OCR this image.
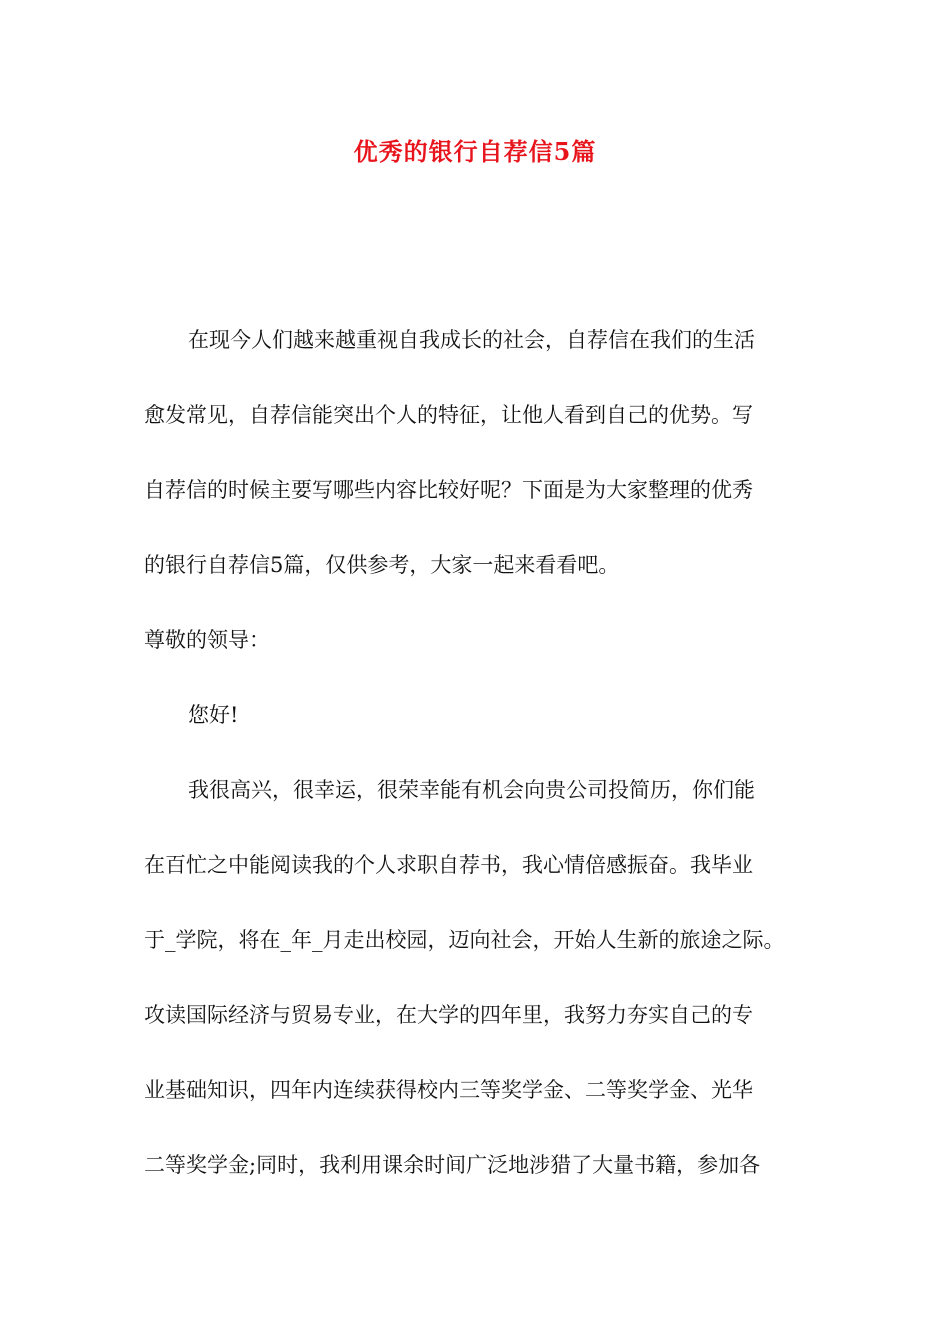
优秀的银行自荐信5篇
在现今人们越来越重视自我成长的社会，自荐信在我们的生活
愈发常见，自荐信能突出个人的特征，让他人看到自己的优势。写
自荐信的时候主要写哪些内容比较好呢？下面是为大家整理的优秀
的银行自荐信5篇，仅供参考，大家一起来看看吧。
尊敬的领导：
您好!
我很高兴，很幸运，很荣幸能有机会向贵公司投简历，你们能
在百忙之中能阅读我的个人求职自荐书，我心情倍感振奋。我毕业
于_学院，将在_年_月走出校园，迈向社会，开始人生新的旅途之际。
攻读国际经济与贸易专业，在大学的四年里，我努力夯实自己的专
业基础知识，四年内连续获得校内三等奖学金、二等奖学金、光华
二等奖学金;同时，我利用课余时间广泛地涉猎了大量书籍，参加各
